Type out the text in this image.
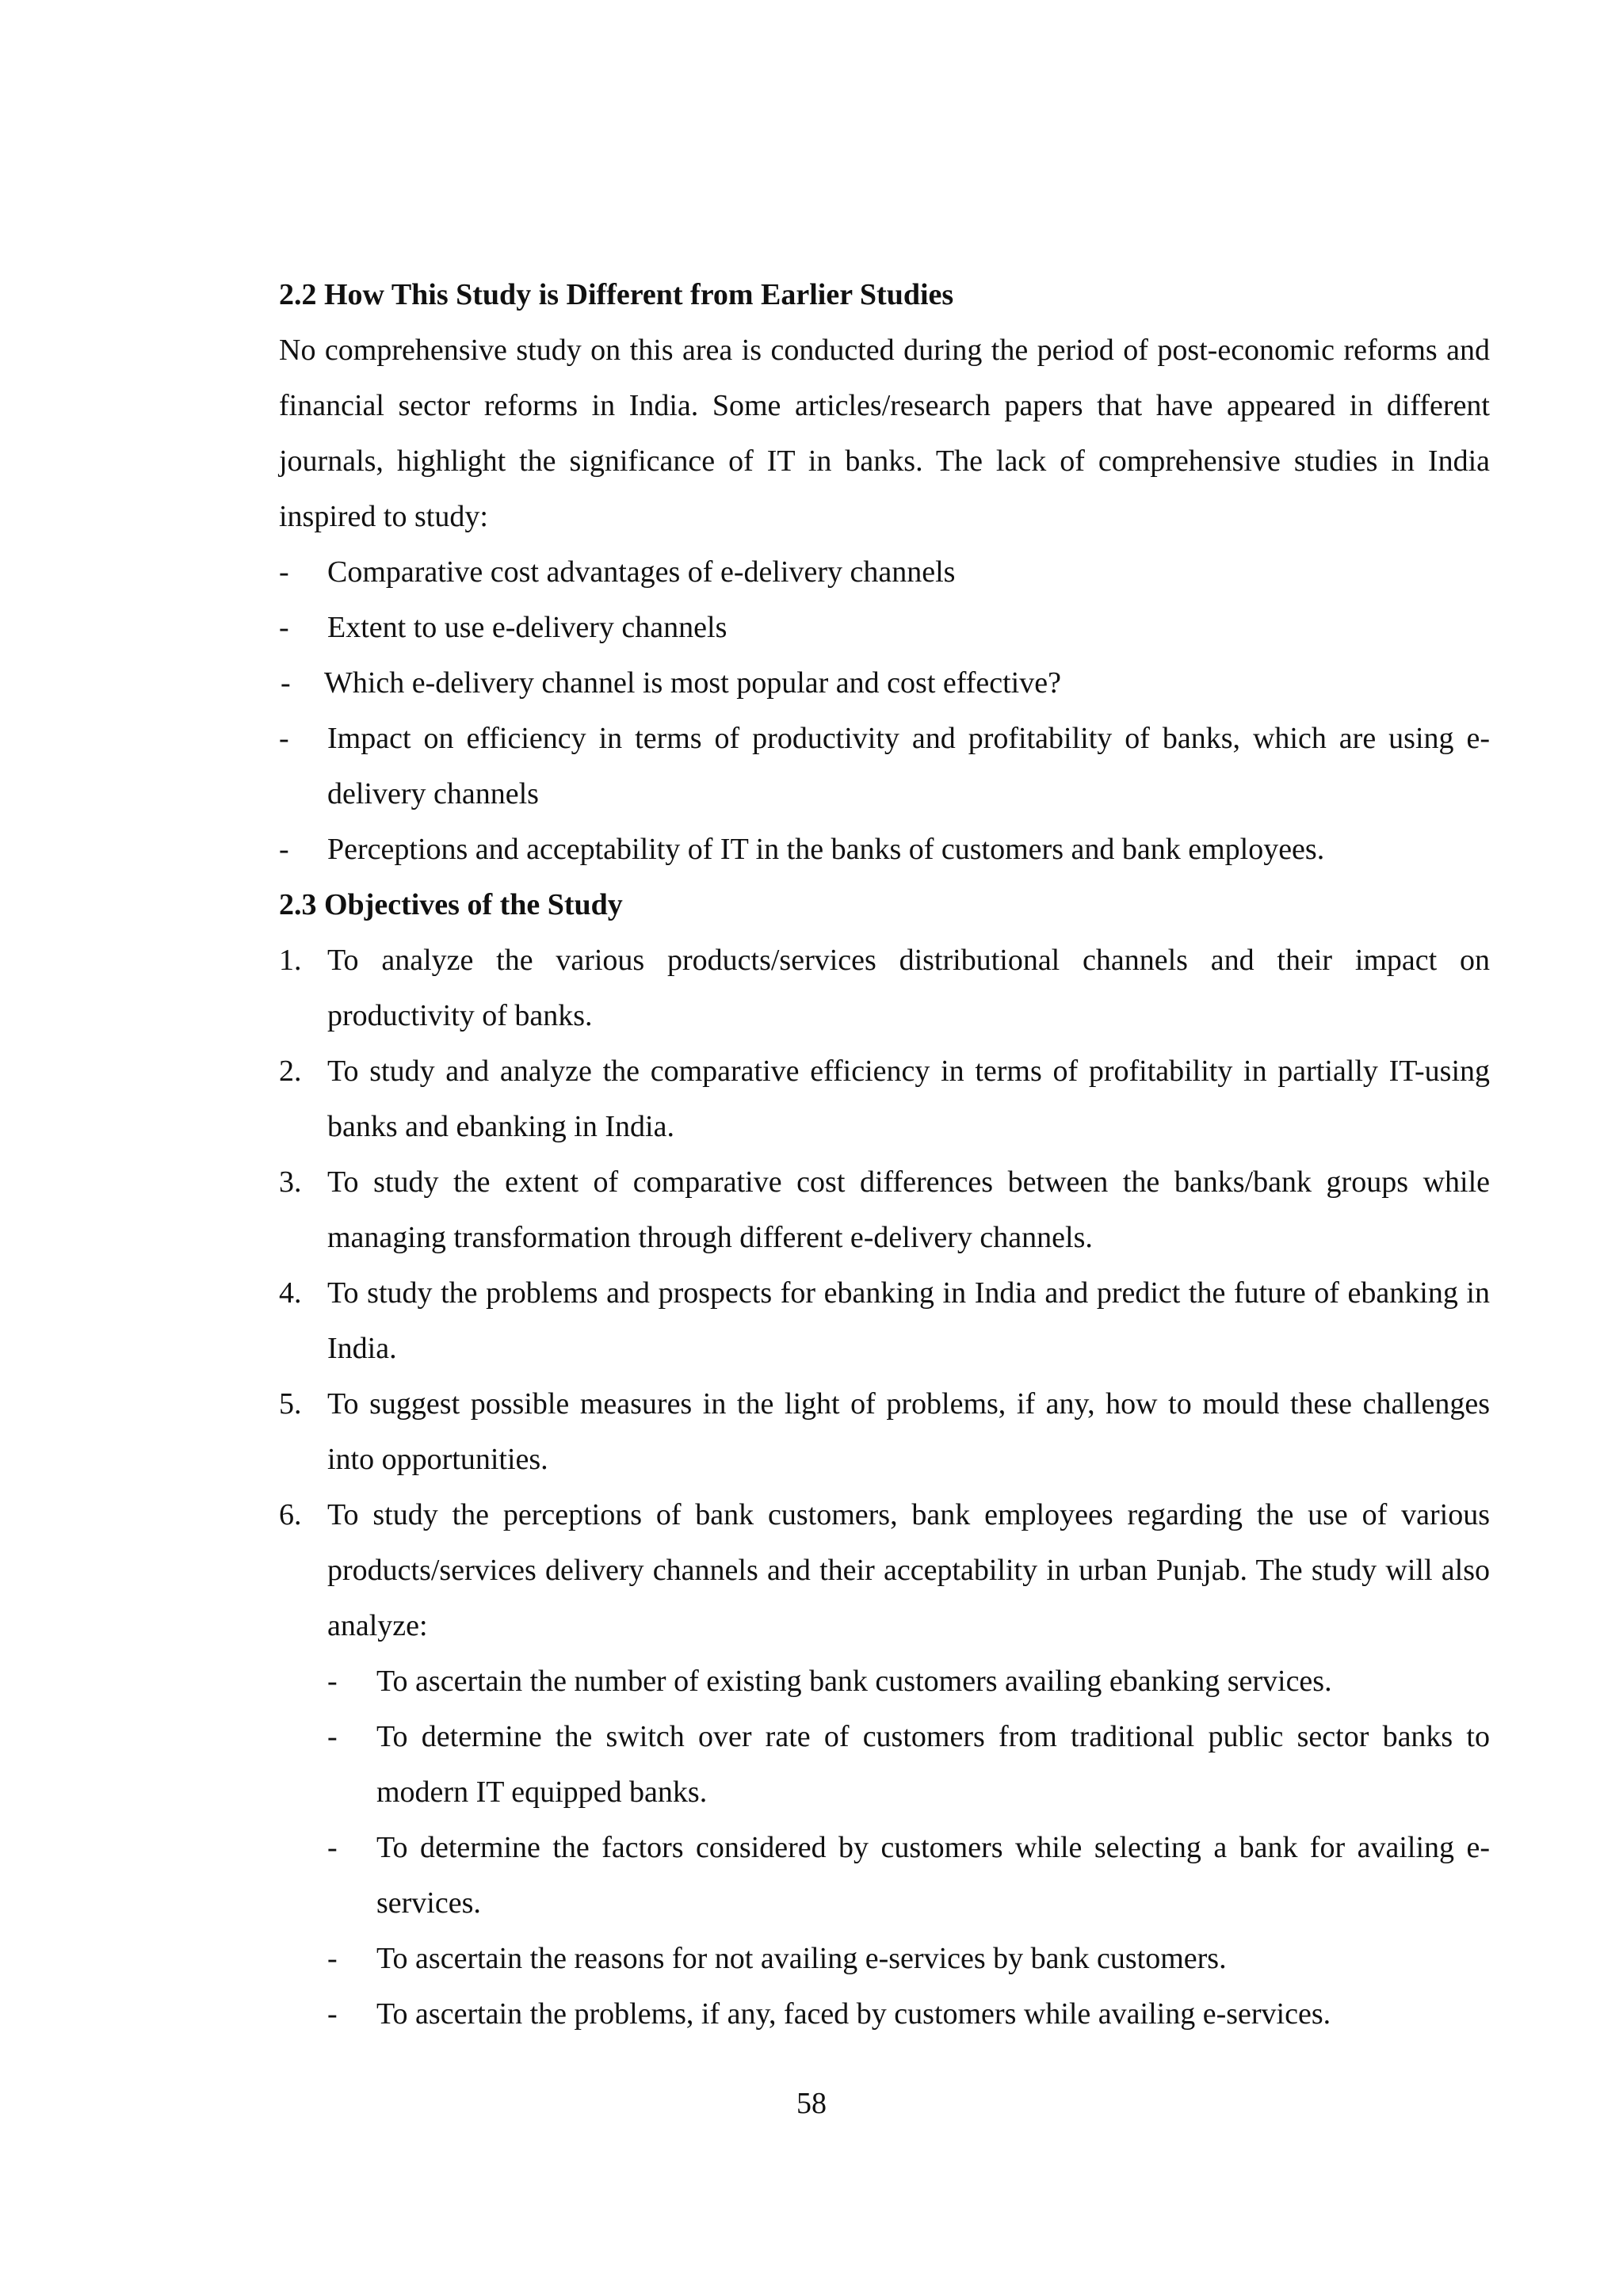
2.2 How This Study is Different from Earlier Studies
No comprehensive study on this area is conducted during the period of post-economic reforms and financial sector reforms in India. Some articles/research papers that have appeared in different journals, highlight the significance of IT in banks. The lack of comprehensive studies in India inspired to study:
- Comparative cost advantages of e-delivery channels
- Extent to use e-delivery channels
- Which e-delivery channel is most popular and cost effective?
- Impact on efficiency in terms of productivity and profitability of banks, which are using e-delivery channels
- Perceptions and acceptability of IT in the banks of customers and bank employees.
2.3 Objectives of the Study
1. To analyze the various products/services distributional channels and their impact on productivity of banks.
2. To study and analyze the comparative efficiency in terms of profitability in partially IT-using banks and ebanking in India.
3. To study the extent of comparative cost differences between the banks/bank groups while managing transformation through different e-delivery channels.
4. To study the problems and prospects for ebanking in India and predict the future of ebanking in India.
5. To suggest possible measures in the light of problems, if any, how to mould these challenges into opportunities.
6. To study the perceptions of bank customers, bank employees regarding the use of various products/services delivery channels and their acceptability in urban Punjab. The study will also analyze:
- To ascertain the number of existing bank customers availing ebanking services.
- To determine the switch over rate of customers from traditional public sector banks to modern IT equipped banks.
- To determine the factors considered by customers while selecting a bank for availing e-services.
- To ascertain the reasons for not availing e-services by bank customers.
- To ascertain the problems, if any, faced by customers while availing e-services.
58
